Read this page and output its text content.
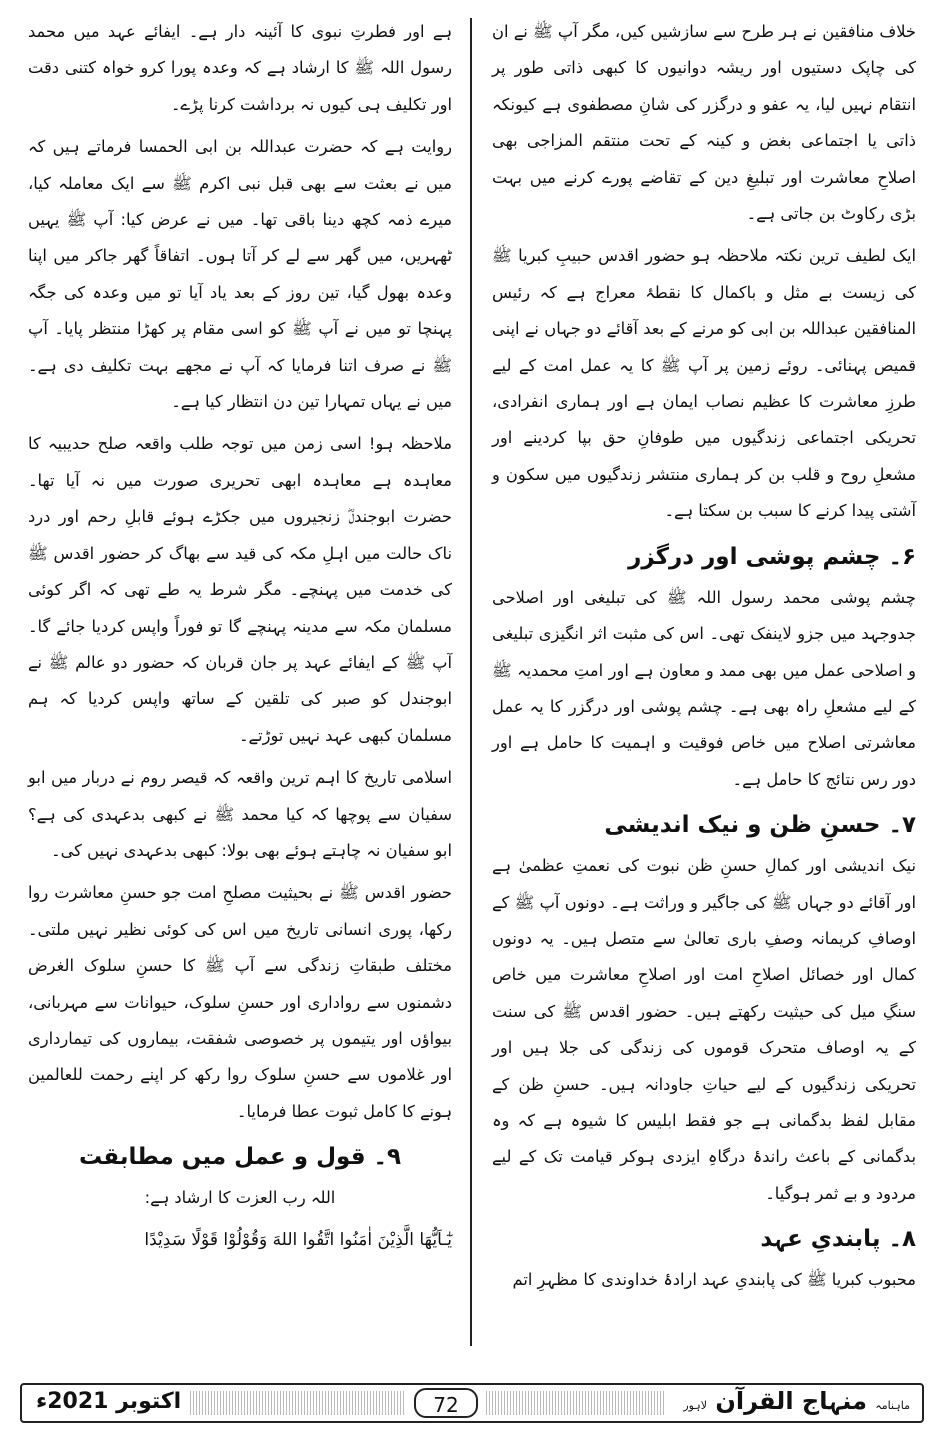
خلاف منافقین نے ہر طرح سے سازشیں کیں، مگر آپ ﷺ نے ان کی چاپک دستیوں اور ریشہ دوانیوں کا کبھی ذاتی طور پر انتقام نہیں لیا، یہ عفو و درگزر کی شانِ مصطفوی ہے کیونکہ ذاتی یا اجتماعی بغض و کینہ کے تحت منتقم المزاجی بھی اصلاحِ معاشرت اور تبلیغِ دین کے تقاضے پورے کرنے میں بہت بڑی رکاوٹ بن جاتی ہے۔

ایک لطیف ترین نکتہ ملاحظہ ہو حضور اقدس حبیبِ کبریا ﷺ کی زیست بے مثل و باکمال کا نقطۂ معراج ہے کہ رئیس المنافقین عبداللہ بن ابی کو مرنے کے بعد آقائے دو جہاں نے اپنی قمیص پہنائی۔ روئے زمین پر آپ ﷺ کا یہ عمل امت کے لیے طرزِ معاشرت کا عظیم نصاب ایمان ہے اور ہماری انفرادی، تحریکی اجتماعی زندگیوں میں طوفانِ حق بپا کردینے اور مشعلِ روح و قلب بن کر ہماری منتشر زندگیوں میں سکون و آشتی پیدا کرنے کا سبب بن سکتا ہے۔

۶۔ چشم پوشی اور درگزر

چشم پوشی محمد رسول اللہ ﷺ کی تبلیغی اور اصلاحی جدوجہد میں جزو لاینفک تھی۔ اس کی مثبت اثر انگیزی تبلیغی و اصلاحی عمل میں بھی ممد و معاون ہے اور امتِ محمدیہ ﷺ کے لیے مشعلِ راہ بھی ہے۔ چشم پوشی اور درگزر کا یہ عمل معاشرتی اصلاح میں خاص فوقیت و اہمیت کا حامل ہے اور دور رس نتائج کا حامل ہے۔

۷۔ حسنِ ظن و نیک اندیشی

نیک اندیشی اور کمالِ حسنِ ظن نبوت کی نعمتِ عظمیٰ ہے اور آقائے دو جہاں ﷺ کی جاگیر و وراثت ہے۔ دونوں آپ ﷺ کے اوصافِ کریمانہ وصفِ باری تعالیٰ سے متصل ہیں۔ یہ دونوں کمال اور خصائل اصلاحِ امت اور اصلاحِ معاشرت میں خاص سنگِ میل کی حیثیت رکھتے ہیں۔ حضور اقدس ﷺ کی سنت کے یہ اوصاف متحرک قوموں کی زندگی کی جلا ہیں اور تحریکی زندگیوں کے لیے حیاتِ جاودانہ ہیں۔ حسنِ ظن کے مقابل لفظ بدگمانی ہے جو فقط ابلیس کا شیوہ ہے کہ وہ بدگمانی کے باعث راندۂ درگاہِ ایزدی ہوکر قیامت تک کے لیے مردود و بے ثمر ہوگیا۔

۸۔ پابندیِ عہد

محبوب کبریا ﷺ کی پابندیِ عہد ارادۂ خداوندی کا مظہرِ اتم

ہے اور فطرتِ نبوی کا آئینہ دار ہے۔ ایفائے عہد میں محمد رسول اللہ ﷺ کا ارشاد ہے کہ وعدہ پورا کرو خواہ کتنی دقت اور تکلیف ہی کیوں نہ برداشت کرنا پڑے۔

روایت ہے کہ حضرت عبداللہ بن ابی الحمسا فرماتے ہیں کہ میں نے بعثت سے بھی قبل نبی اکرم ﷺ سے ایک معاملہ کیا، میرے ذمہ کچھ دینا باقی تھا۔ میں نے عرض کیا: آپ ﷺ یہیں ٹھہریں، میں گھر سے لے کر آتا ہوں۔ اتفاقاً گھر جاکر میں اپنا وعدہ بھول گیا، تین روز کے بعد یاد آیا تو میں وعدہ کی جگہ پہنچا تو میں نے آپ ﷺ کو اسی مقام پر کھڑا منتظر پایا۔ آپ ﷺ نے صرف اتنا فرمایا کہ آپ نے مجھے بہت تکلیف دی ہے۔ میں نے یہاں تمہارا تین دن انتظار کیا ہے۔

ملاحظہ ہو! اسی زمن میں توجہ طلب واقعہ صلح حدیبیہ کا معاہدہ ہے معاہدہ ابھی تحریری صورت میں نہ آیا تھا۔ حضرت ابوجندلؓ زنجیروں میں جکڑے ہوئے قابلِ رحم اور درد ناک حالت میں اہلِ مکہ کی قید سے بھاگ کر حضور اقدس ﷺ کی خدمت میں پہنچے۔ مگر شرط یہ طے تھی کہ اگر کوئی مسلمان مکہ سے مدینہ پہنچے گا تو فوراً واپس کردیا جائے گا۔ آپ ﷺ کے ایفائے عہد پر جان قربان کہ حضور دو عالم ﷺ نے ابوجندل کو صبر کی تلقین کے ساتھ واپس کردیا کہ ہم مسلمان کبھی عہد نہیں توڑتے۔

اسلامی تاریخ کا اہم ترین واقعہ کہ قیصر روم نے دربار میں ابو سفیان سے پوچھا کہ کیا محمد ﷺ نے کبھی بدعہدی کی ہے؟ ابو سفیان نہ چاہتے ہوئے بھی بولا: کبھی بدعہدی نہیں کی۔

حضور اقدس ﷺ نے بحیثیت مصلحِ امت جو حسنِ معاشرت روا رکھا، پوری انسانی تاریخ میں اس کی کوئی نظیر نہیں ملتی۔ مختلف طبقاتِ زندگی سے آپ ﷺ کا حسنِ سلوک الغرض دشمنوں سے رواداری اور حسنِ سلوک، حیوانات سے مہربانی، بیواؤں اور یتیموں پر خصوصی شفقت، بیماروں کی تیمارداری اور غلاموں سے حسنِ سلوک روا رکھ کر اپنے رحمت للعالمین ہونے کا کامل ثبوت عطا فرمایا۔

۹۔ قول و عمل میں مطابقت

اللہ رب العزت کا ارشاد ہے:

یٰٓـاَیُّھَا الَّذِیْنَ اٰمَنُوا اتَّقُوا اللهَ وَقُوْلُوْا قَوْلًا سَدِیْدًا

اکتوبر 2021ء	72	ماہنامہ منہاج القرآن لاہور
